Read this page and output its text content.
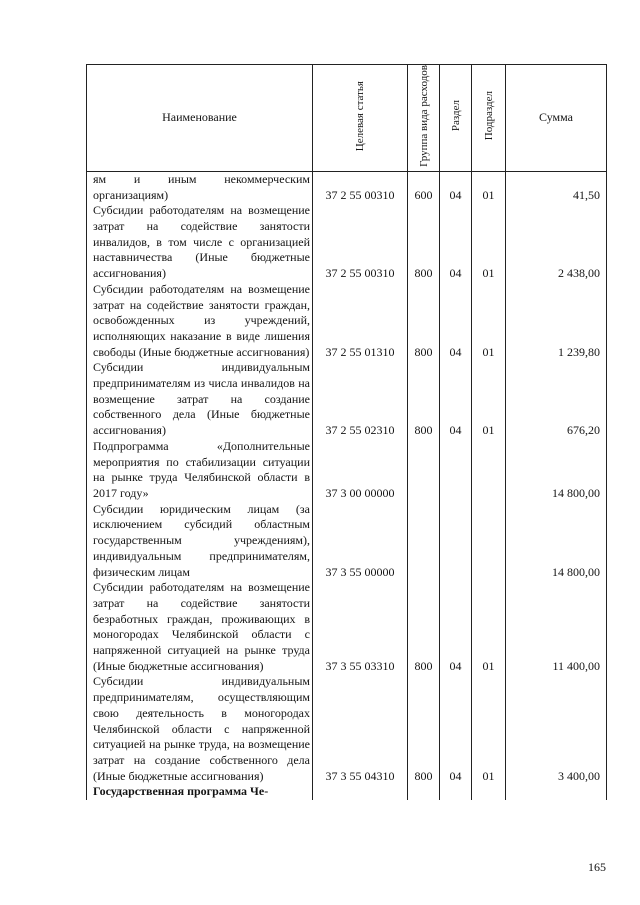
Наименование	Целевая статья	Группа вида расходов	Раздел	Подраздел	Сумма
ям и иным некоммерческим организациям)	37 2 55 00310	600	04	01	41,50
Субсидии работодателям на возмещение затрат на содействие занятости инвалидов, в том числе с организацией наставничества (Иные бюджетные ассигнования)	37 2 55 00310	800	04	01	2 438,00
Субсидии работодателям на возмещение затрат на содействие занятости граждан, освобожденных из учреждений, исполняющих наказание в виде лишения свободы (Иные бюджетные ассигнования)	37 2 55 01310	800	04	01	1 239,80
Субсидии индивидуальным предпринимателям из числа инвалидов на возмещение затрат на создание собственного дела (Иные бюджетные ассигнования)	37 2 55 02310	800	04	01	676,20
Подпрограмма «Дополнительные мероприятия по стабилизации ситуации на рынке труда Челябинской области в 2017 году»	37 3 00 00000				14 800,00
Субсидии юридическим лицам (за исключением субсидий областным государственным учреждениям), индивидуальным предпринимателям, физическим лицам	37 3 55 00000				14 800,00
Субсидии работодателям на возмещение затрат на содействие занятости безработных граждан, проживающих в моногородах Челябинской области с напряженной ситуацией на рынке труда (Иные бюджетные ассигнования)	37 3 55 03310	800	04	01	11 400,00
Субсидии индивидуальным предпринимателям, осуществляющим свою деятельность в моногородах Челябинской области с напряженной ситуацией на рынке труда, на возмещение затрат на создание собственного дела (Иные бюджетные ассигнования)	37 3 55 04310	800	04	01	3 400,00
Государственная программа Че-					
165
